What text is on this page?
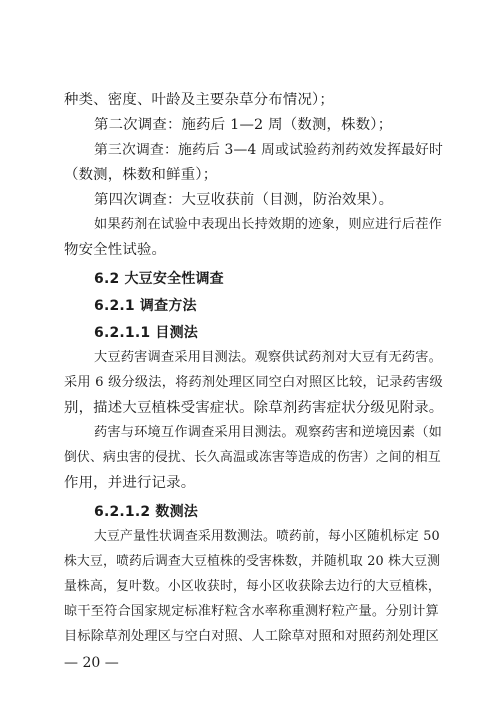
种类、密度、叶龄及主要杂草分布情况）；
第二次调查：施药后 1—2 周（数测，株数）；
第三次调查：施药后 3—4 周或试验药剂药效发挥最好时
（数测，株数和鲜重）；
第四次调查：大豆收获前（目测，防治效果）。
如果药剂在试验中表现出长持效期的迹象，则应进行后茬作
物安全性试验。
6.2 大豆安全性调查
6.2.1 调查方法
6.2.1.1 目测法
大豆药害调查采用目测法。观察供试药剂对大豆有无药害。
采用 6 级分级法，将药剂处理区同空白对照区比较，记录药害级
别，描述大豆植株受害症状。除草剂药害症状分级见附录。
药害与环境互作调查采用目测法。观察药害和逆境因素（如
倒伏、病虫害的侵扰、长久高温或冻害等造成的伤害）之间的相互
作用，并进行记录。
6.2.1.2 数测法
大豆产量性状调查采用数测法。喷药前，每小区随机标定 50
株大豆，喷药后调查大豆植株的受害株数，并随机取 20 株大豆测
量株高，复叶数。小区收获时，每小区收获除去边行的大豆植株，
晾干至符合国家规定标准籽粒含水率称重测籽粒产量。分别计算
目标除草剂处理区与空白对照、人工除草对照和对照药剂处理区
— 20 —
